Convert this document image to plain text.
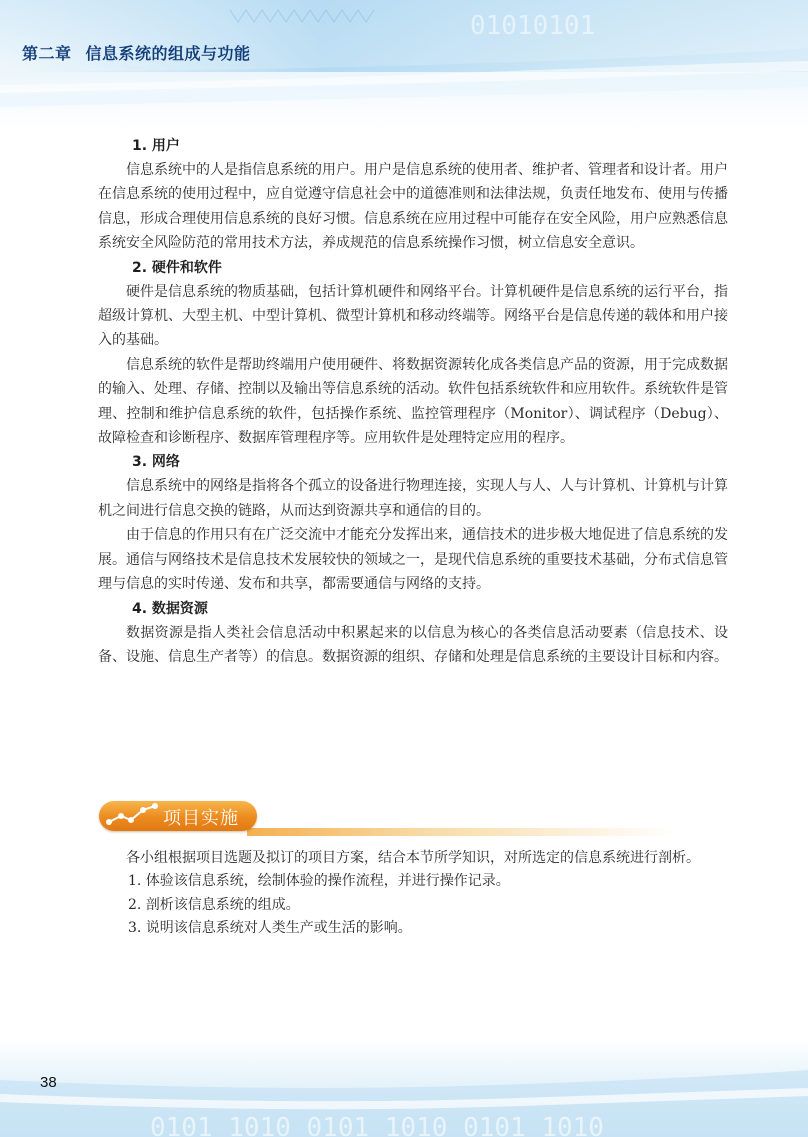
01010101
第二章 信息系统的组成与功能

1. 用户

信息系统中的人是指信息系统的用户。用户是信息系统的使用者、维护者、管理者和设计者。用户在信息系统的使用过程中，应自觉遵守信息社会中的道德准则和法律法规，负责任地发布、使用与传播信息，形成合理使用信息系统的良好习惯。信息系统在应用过程中可能存在安全风险，用户应熟悉信息系统安全风险防范的常用技术方法，养成规范的信息系统操作习惯，树立信息安全意识。

2. 硬件和软件

硬件是信息系统的物质基础，包括计算机硬件和网络平台。计算机硬件是信息系统的运行平台，指超级计算机、大型主机、中型计算机、微型计算机和移动终端等。网络平台是信息传递的载体和用户接入的基础。

信息系统的软件是帮助终端用户使用硬件、将数据资源转化成各类信息产品的资源，用于完成数据的输入、处理、存储、控制以及输出等信息系统的活动。软件包括系统软件和应用软件。系统软件是管理、控制和维护信息系统的软件，包括操作系统、监控管理程序（Monitor）、调试程序（Debug）、故障检查和诊断程序、数据库管理程序等。应用软件是处理特定应用的程序。

3. 网络

信息系统中的网络是指将各个孤立的设备进行物理连接，实现人与人、人与计算机、计算机与计算机之间进行信息交换的链路，从而达到资源共享和通信的目的。

由于信息的作用只有在广泛交流中才能充分发挥出来，通信技术的进步极大地促进了信息系统的发展。通信与网络技术是信息技术发展较快的领域之一，是现代信息系统的重要技术基础，分布式信息管理与信息的实时传递、发布和共享，都需要通信与网络的支持。

4. 数据资源

数据资源是指人类社会信息活动中积累起来的以信息为核心的各类信息活动要素（信息技术、设备、设施、信息生产者等）的信息。数据资源的组织、存储和处理是信息系统的主要设计目标和内容。

项目实施

各小组根据项目选题及拟订的项目方案，结合本节所学知识，对所选定的信息系统进行剖析。

1. 体验该信息系统，绘制体验的操作流程，并进行操作记录。

2. 剖析该信息系统的组成。

3. 说明该信息系统对人类生产或生活的影响。

0101 1010 0101 1010 0101 1010
38
